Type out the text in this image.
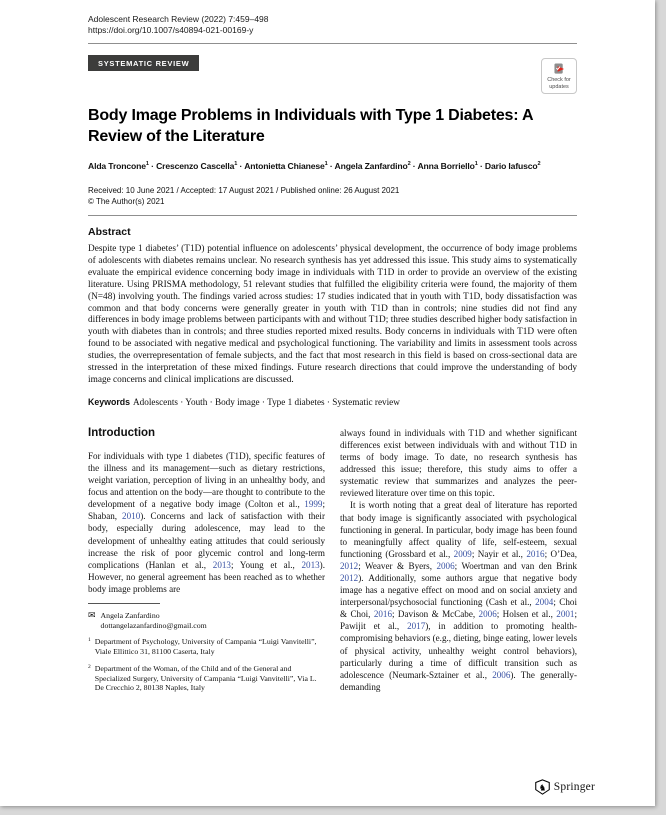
Adolescent Research Review (2022) 7:459–498
https://doi.org/10.1007/s40894-021-00169-y
SYSTEMATIC REVIEW
Check for updates
Body Image Problems in Individuals with Type 1 Diabetes: A Review of the Literature
Alda Troncone$^1$ · Crescenzo Cascella$^1$ · Antonietta Chianese$^1$ · Angela Zanfardino$^2$ · Anna Borriello$^1$ · Dario Iafusco$^2$
Received: 10 June 2021 / Accepted: 17 August 2021 / Published online: 26 August 2021
© The Author(s) 2021
Abstract

Despite type 1 diabetes’ (T1D) potential influence on adolescents’ physical development, the occurrence of body image problems of adolescents with diabetes remains unclear. No research synthesis has yet addressed this issue. This study aims to systematically evaluate the empirical evidence concerning body image in individuals with T1D in order to provide an overview of the existing literature. Using PRISMA methodology, 51 relevant studies that fulfilled the eligibility criteria were found, the majority of them (N=48) involving youth. The findings varied across studies: 17 studies indicated that in youth with T1D, body dissatisfaction was common and that body concerns were generally greater in youth with T1D than in controls; nine studies did not find any differences in body image problems between participants with and without T1D; three studies described higher body satisfaction in youth with diabetes than in controls; and three studies reported mixed results. Body concerns in individuals with T1D were often found to be associated with negative medical and psychological functioning. The variability and limits in assessment tools across studies, the overrepresentation of female subjects, and the fact that most research in this field is based on cross-sectional data are stressed in the interpretation of these mixed findings. Future research directions that could improve the understanding of body image concerns and clinical implications are discussed.

Keywords Adolescents · Youth · Body image · Type 1 diabetes · Systematic review

Introduction

For individuals with type 1 diabetes (T1D), specific features of the illness and its management—such as dietary restrictions, weight variation, perception of living in an unhealthy body, and focus and attention on the body—are thought to contribute to the development of a negative body image (Colton et al., 1999; Shaban, 2010). Concerns and lack of satisfaction with their body, especially during adolescence, may lead to the development of unhealthy eating attitudes that could seriously increase the risk of poor glycemic control and long-term complications (Hanlan et al., 2013; Young et al., 2013). However, no general agreement has been reached as to whether body image problems are

✉ Angela Zanfardino
dottangelazanfardino@gmail.com
1 Department of Psychology, University of Campania “Luigi Vanvitelli”, Viale Ellittico 31, 81100 Caserta, Italy
2 Department of the Woman, of the Child and of the General and Specialized Surgery, University of Campania “Luigi Vanvitelli”, Via L. De Crecchio 2, 80138 Naples, Italy

always found in individuals with T1D and whether significant differences exist between individuals with and without T1D in terms of body image. To date, no research synthesis has addressed this issue; therefore, this study aims to offer a systematic review that summarizes and analyzes the peer-reviewed literature over time on this topic.

It is worth noting that a great deal of literature has reported that body image is significantly associated with psychological functioning in general. In particular, body image has been found to meaningfully affect quality of life, self-esteem, sexual functioning (Grossbard et al., 2009; Nayir et al., 2016; O’Dea, 2012; Weaver & Byers, 2006; Woertman and van den Brink 2012). Additionally, some authors argue that negative body image has a negative effect on mood and on social anxiety and interpersonal/psychosocial functioning (Cash et al., 2004; Choi & Choi, 2016; Davison & McCabe, 2006; Holsen et al., 2001; Pawijit et al., 2017), in addition to promoting health-compromising behaviors (e.g., dieting, binge eating, lower levels of physical activity, unhealthy weight control behaviors), particularly during a time of difficult transition such as adolescence (Neumark-Sztainer et al., 2006). The generally-demanding

♞ Springer
